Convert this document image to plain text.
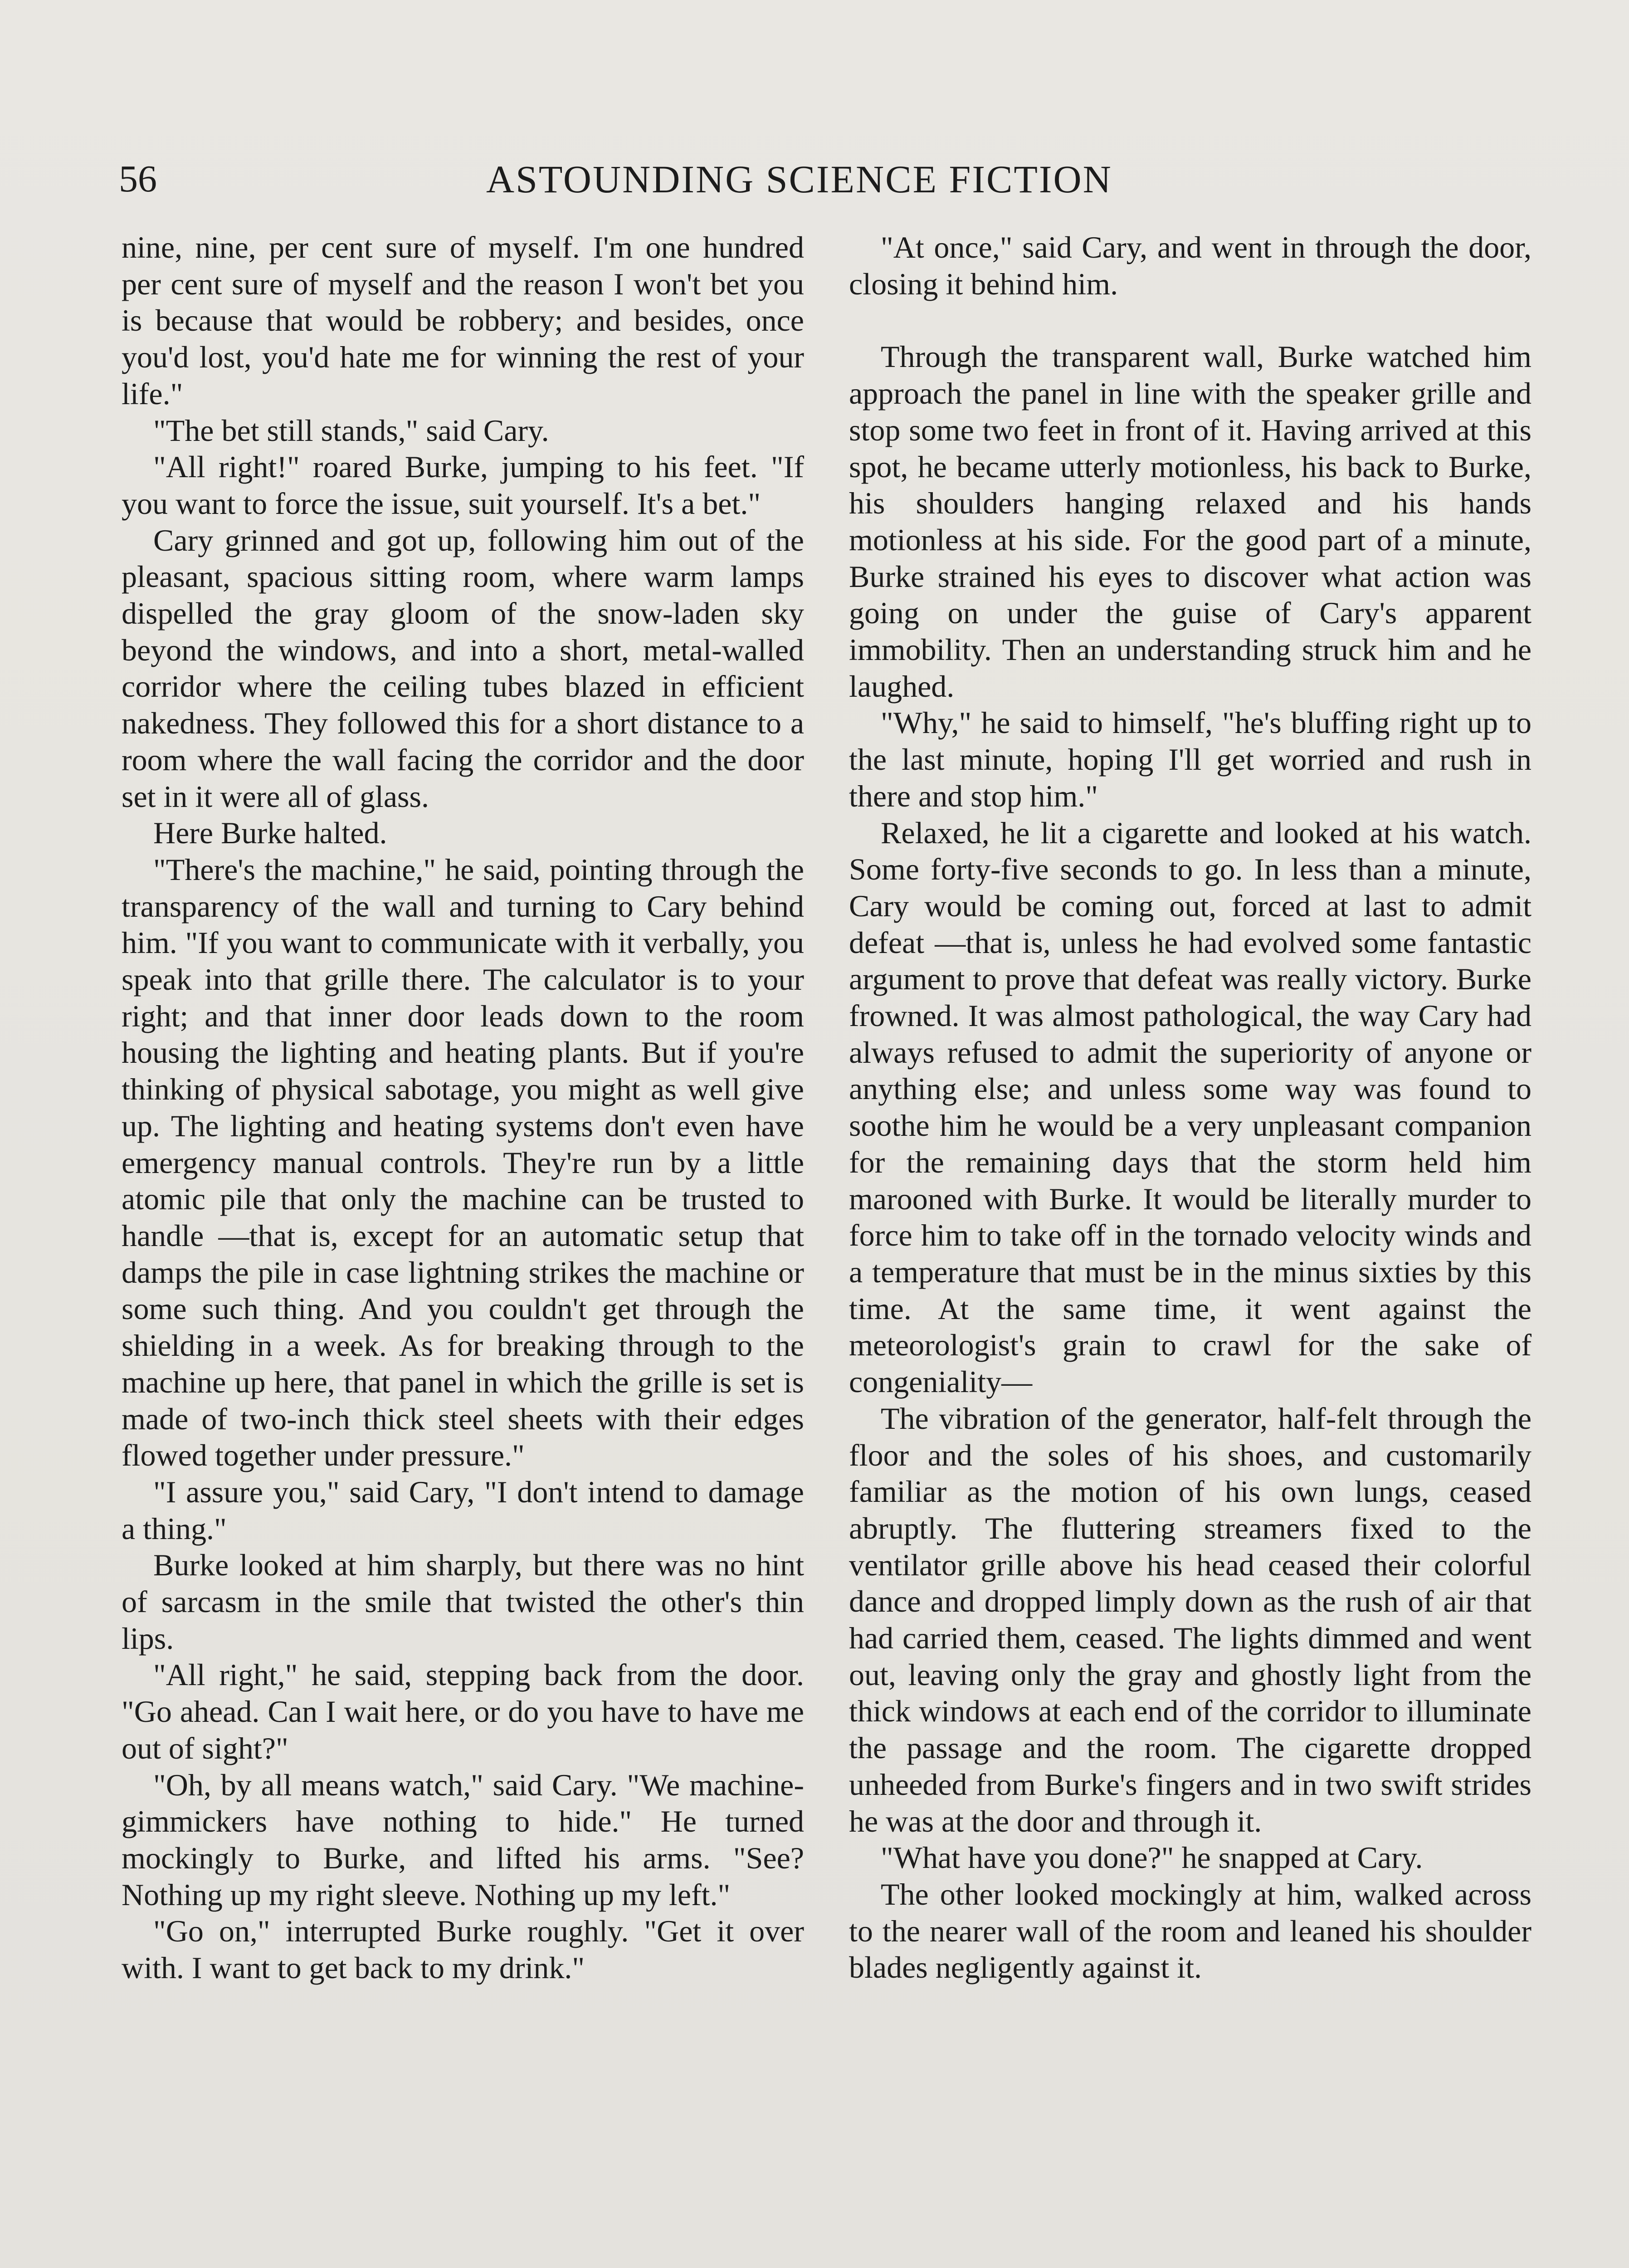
56	ASTOUNDING SCIENCE FICTION

nine, nine, per cent sure of myself. I'm one hundred per cent sure of myself and the reason I won't bet you is because that would be robbery; and besides, once you'd lost, you'd hate me for winning the rest of your life."

"The bet still stands," said Cary.

"All right!" roared Burke, jumping to his feet. "If you want to force the issue, suit yourself. It's a bet."

Cary grinned and got up, following him out of the pleasant, spacious sitting room, where warm lamps dispelled the gray gloom of the snow-laden sky beyond the windows, and into a short, metal-walled corridor where the ceiling tubes blazed in efficient nakedness. They followed this for a short distance to a room where the wall facing the corridor and the door set in it were all of glass.

Here Burke halted.

"There's the machine," he said, pointing through the transparency of the wall and turning to Cary behind him. "If you want to communicate with it verbally, you speak into that grille there. The calculator is to your right; and that inner door leads down to the room housing the lighting and heating plants. But if you're thinking of physical sabotage, you might as well give up. The lighting and heating systems don't even have emergency manual controls. They're run by a little atomic pile that only the machine can be trusted to handle —that is, except for an automatic setup that damps the pile in case lightning strikes the machine or some such thing. And you couldn't get through the shielding in a week. As for breaking through to the machine up here, that panel in which the grille is set is made of two-inch thick steel sheets with their edges flowed together under pressure."

"I assure you," said Cary, "I don't intend to damage a thing."

Burke looked at him sharply, but there was no hint of sarcasm in the smile that twisted the other's thin lips.

"All right," he said, stepping back from the door. "Go ahead. Can I wait here, or do you have to have me out of sight?"

"Oh, by all means watch," said Cary. "We machine-gimmickers have nothing to hide." He turned mockingly to Burke, and lifted his arms. "See? Nothing up my right sleeve. Nothing up my left."

"Go on," interrupted Burke roughly. "Get it over with. I want to get back to my drink."

"At once," said Cary, and went in through the door, closing it behind him.

Through the transparent wall, Burke watched him approach the panel in line with the speaker grille and stop some two feet in front of it. Having arrived at this spot, he became utterly motionless, his back to Burke, his shoulders hanging relaxed and his hands motionless at his side. For the good part of a minute, Burke strained his eyes to discover what action was going on under the guise of Cary's apparent immobility. Then an understanding struck him and he laughed.

"Why," he said to himself, "he's bluffing right up to the last minute, hoping I'll get worried and rush in there and stop him."

Relaxed, he lit a cigarette and looked at his watch. Some forty-five seconds to go. In less than a minute, Cary would be coming out, forced at last to admit defeat —that is, unless he had evolved some fantastic argument to prove that defeat was really victory. Burke frowned. It was almost pathological, the way Cary had always refused to admit the superiority of anyone or anything else; and unless some way was found to soothe him he would be a very unpleasant companion for the remaining days that the storm held him marooned with Burke. It would be literally murder to force him to take off in the tornado velocity winds and a temperature that must be in the minus sixties by this time. At the same time, it went against the meteorologist's grain to crawl for the sake of congeniality—

The vibration of the generator, half-felt through the floor and the soles of his shoes, and customarily familiar as the motion of his own lungs, ceased abruptly. The fluttering streamers fixed to the ventilator grille above his head ceased their colorful dance and dropped limply down as the rush of air that had carried them, ceased. The lights dimmed and went out, leaving only the gray and ghostly light from the thick windows at each end of the corridor to illuminate the passage and the room. The cigarette dropped unheeded from Burke's fingers and in two swift strides he was at the door and through it.

"What have you done?" he snapped at Cary.

The other looked mockingly at him, walked across to the nearer wall of the room and leaned his shoulder blades negligently against it.
